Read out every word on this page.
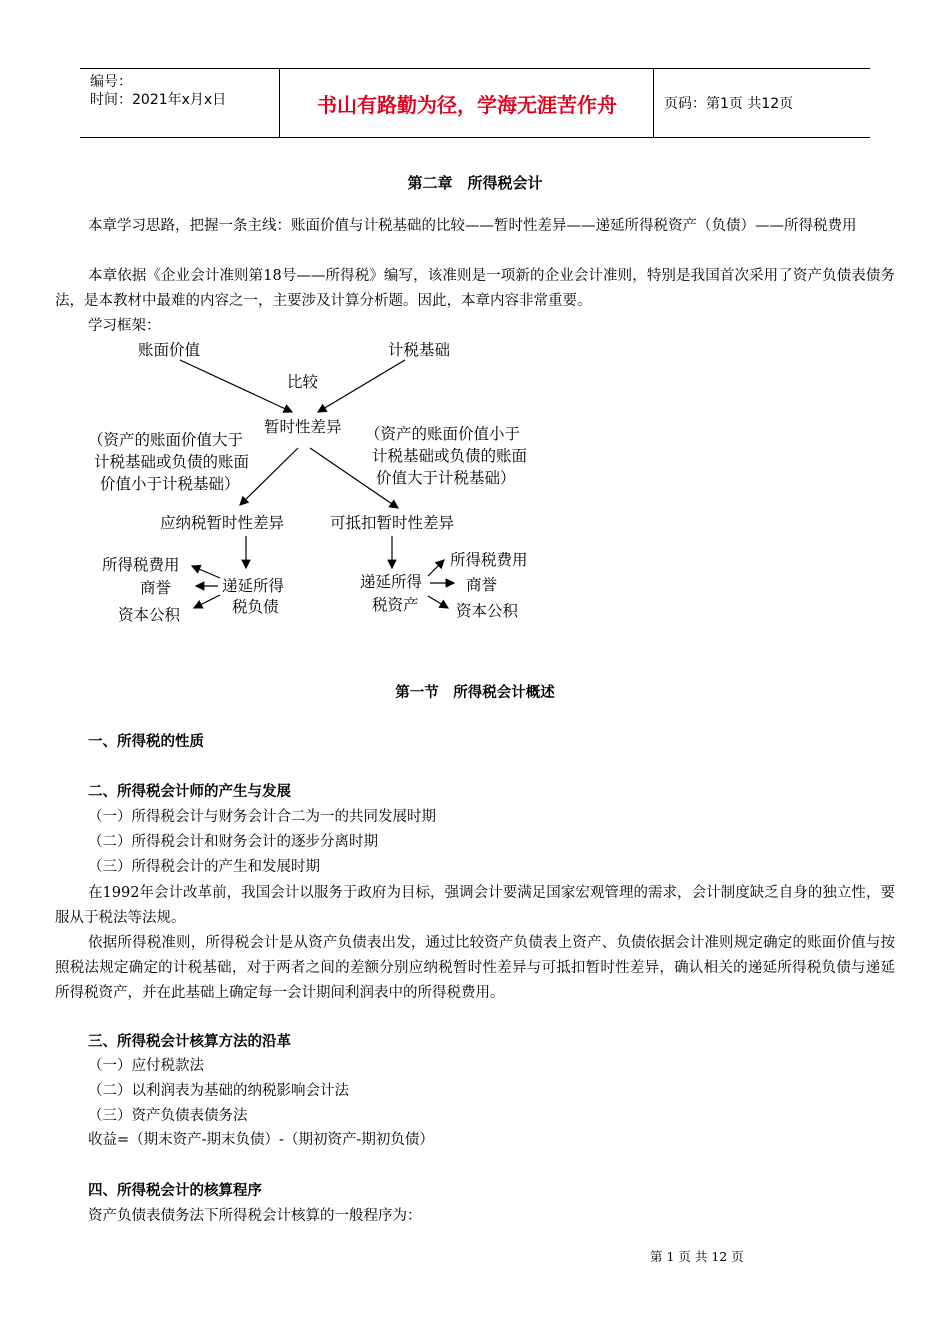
编号：
时间：2021年x月x日	书山有路勤为径，学海无涯苦作舟	页码：第1页 共12页
第二章　所得税会计
本章学习思路，把握一条主线：账面价值与计税基础的比较——暂时性差异——递延所得税资产（负债）——所得税费用
本章依据《企业会计准则第18号——所得税》编写，该准则是一项新的企业会计准则，特别是我国首次采用了资产负债表债务法，是本教材中最难的内容之一，主要涉及计算分析题。因此，本章内容非常重要。
学习框架：
账面价值	计税基础
比较
暂时性差异
（资产的账面价值大于
计税基础或负债的账面
价值小于计税基础）
（资产的账面价值小于
计税基础或负债的账面
价值大于计税基础）
应纳税暂时性差异	可抵扣暂时性差异
递延所得
税负债
所得税费用
商誉
资本公积
递延所得
税资产
所得税费用
商誉
资本公积
第一节　所得税会计概述
一、所得税的性质
二、所得税会计师的产生与发展
（一）所得税会计与财务会计合二为一的共同发展时期
（二）所得税会计和财务会计的逐步分离时期
（三）所得税会计的产生和发展时期
在1992年会计改革前，我国会计以服务于政府为目标，强调会计要满足国家宏观管理的需求，会计制度缺乏自身的独立性，要服从于税法等法规。
依据所得税准则，所得税会计是从资产负债表出发，通过比较资产负债表上资产、负债依据会计准则规定确定的账面价值与按照税法规定确定的计税基础，对于两者之间的差额分别应纳税暂时性差异与可抵扣暂时性差异，确认相关的递延所得税负债与递延所得税资产，并在此基础上确定每一会计期间利润表中的所得税费用。
三、所得税会计核算方法的沿革
（一）应付税款法
（二）以利润表为基础的纳税影响会计法
（三）资产负债表债务法
收益=（期末资产-期末负债）-（期初资产-期初负债）
四、所得税会计的核算程序
资产负债表债务法下所得税会计核算的一般程序为：
第 1 页 共 12 页
